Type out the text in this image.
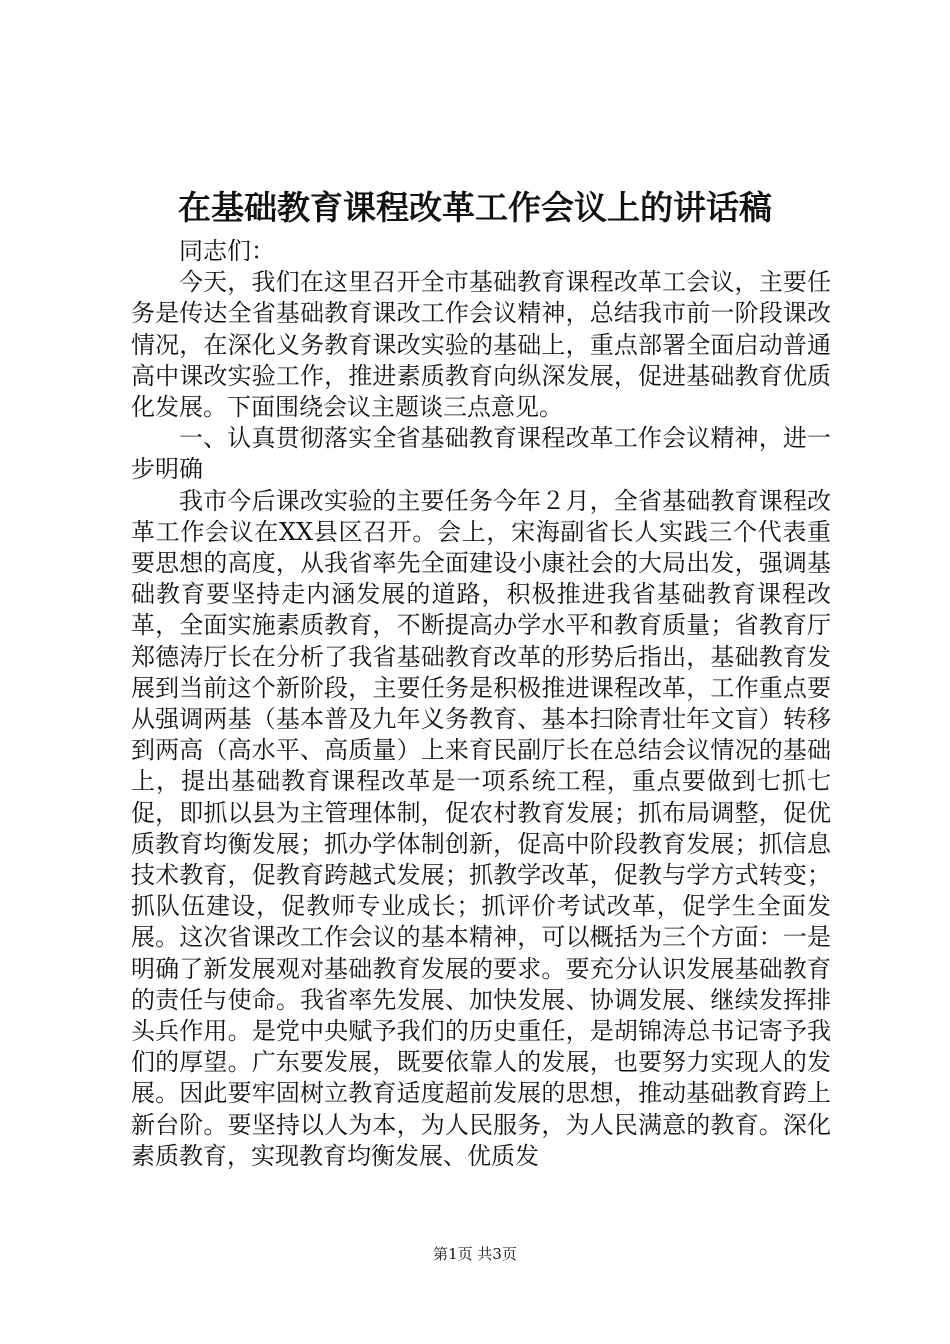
在基础教育课程改革工作会议上的讲话稿

同志们：

今天，我们在这里召开全市基础教育课程改革工会议，主要任务是传达全省基础教育课改工作会议精神，总结我市前一阶段课改情况，在深化义务教育课改实验的基础上，重点部署全面启动普通高中课改实验工作，推进素质教育向纵深发展，促进基础教育优质化发展。下面围绕会议主题谈三点意见。

一、认真贯彻落实全省基础教育课程改革工作会议精神，进一步明确

我市今后课改实验的主要任务今年２月，全省基础教育课程改革工作会议在XX县区召开。会上，宋海副省长人实践三个代表重要思想的高度，从我省率先全面建设小康社会的大局出发，强调基础教育要坚持走内涵发展的道路，积极推进我省基础教育课程改革，全面实施素质教育，不断提高办学水平和教育质量；省教育厅郑德涛厅长在分析了我省基础教育改革的形势后指出，基础教育发展到当前这个新阶段，主要任务是积极推进课程改革，工作重点要从强调两基（基本普及九年义务教育、基本扫除青壮年文盲）转移到两高（高水平、高质量）上来育民副厅长在总结会议情况的基础上，提出基础教育课程改革是一项系统工程，重点要做到七抓七促，即抓以县为主管理体制，促农村教育发展；抓布局调整，促优质教育均衡发展；抓办学体制创新，促高中阶段教育发展；抓信息技术教育，促教育跨越式发展；抓教学改革，促教与学方式转变；抓队伍建设，促教师专业成长；抓评价考试改革，促学生全面发展。这次省课改工作会议的基本精神，可以概括为三个方面：一是明确了新发展观对基础教育发展的要求。要充分认识发展基础教育的责任与使命。我省率先发展、加快发展、协调发展、继续发挥排头兵作用。是党中央赋予我们的历史重任，是胡锦涛总书记寄予我们的厚望。广东要发展，既要依靠人的发展，也要努力实现人的发展。因此要牢固树立教育适度超前发展的思想，推动基础教育跨上新台阶。要坚持以人为本，为人民服务，为人民满意的教育。深化素质教育，实现教育均衡发展、优质发

第1页 共3页
